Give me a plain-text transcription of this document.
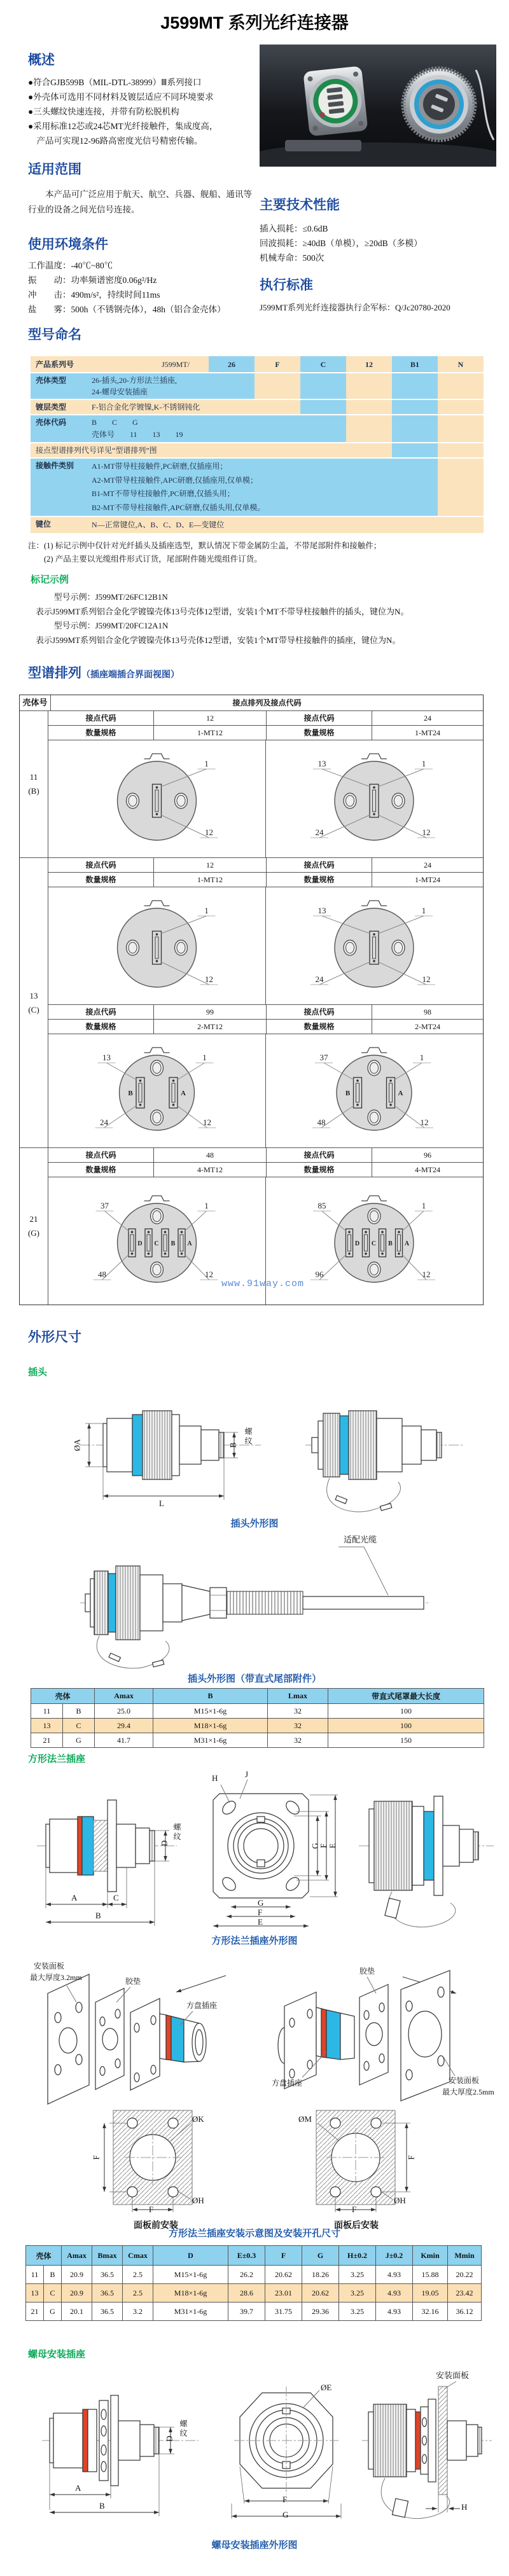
J599MT 系列光纤连接器
概述
●符合GJB599B（MIL-DTL-38999）Ⅲ系列接口
●外壳体可选用不同材料及镀层适应不同环境要求
●三头螺纹快速连接，并带有防松脱机构
●采用标准12芯或24芯MT光纤接触件，集成度高，
　产品可实现12-96路高密度光信号精密传输。
适用范围
　　本产品可广泛应用于航天、航空、兵器、舰船、通讯等行业的设备之间光信号连接。
使用环境条件
工作温度：-40℃~80℃
振　　动：功率频谱密度0.06g²/Hz
冲　　击：490m/s²，持续时间11ms
盐　　雾：500h（不锈钢壳体），48h（铝合金壳体）
主要技术性能
插入损耗：≤0.6dB
回波损耗：≥40dB（单模），≥20dB（多模）
机械寿命：500次
执行标准
J599MT系列光纤连接器执行企军标：Q/Jc20780-2020
型号命名
产品系列号	J599MT/	26	F	C	12	B1	N
壳体类型	26-插头,20-方形法兰插座,
24-螺母安装插座
镀层类型	F-铝合金化学镀镍,K-不锈钢钝化
壳体代码	B　　C　　G
壳体号　　11　　13　　19
接点型谱排列代号详见“型谱排列”图
接触件类别 A1-MT带导柱接触件,PC研磨,仅插座用；
A2-MT带导柱接触件,APC研磨,仅插座用,仅单模；
B1-MT不带导柱接触件,PC研磨,仅插头用；
B2-MT不带导柱接触件,APC研磨,仅插头用,仅单模。
键位	N—正常键位,A、B、C、D、E—变键位
注：(1) 标记示例中仅针对光纤插头及插座选型，默认情况下带金属防尘盖，不带尾部附件和接触件；
　　(2) 产品主要以光缆组件形式订货，尾部附件随光缆组件订货。
标记示例
型号示例：J599MT/26FC12B1N
表示J599MT系列铝合金化学镀镍壳体13号壳体12型谱，安装1个MT不带导柱接触件的插头，键位为N。
型号示例：J599MT/20FC12A1N
表示J599MT系列铝合金化学镀镍壳体13号壳体12型谱，安装1个MT带导柱接触件的插座，键位为N。
型谱排列（插座端插合界面视图）
壳体号	接点排列及接点代码
11
(B)
接点代码	12	接点代码	24
数量规格	1-MT12	数量规格	1-MT24
1
12
1
13
12
24
13
(C)
接点代码	12	接点代码	24
数量规格	1-MT12	数量规格	1-MT24
1
12
1
13
12
24
接点代码	99	接点代码	98
数量规格	2-MT12	数量规格	2-MT24
B	A
1
13
12
24
B	A
1
37
12
48
21
(G)
接点代码	48	接点代码	96
数量规格	4-MT12	数量规格	4-MT24
D C B A
1
37
12
48
D C B A
1
85
12
96
www.91way.com
外形尺寸
插头
ØA	B 螺纹
L
插头外形图
适配光缆
插头外形图（带直式尾部附件）
壳体		Amax	B	Lmax	带直式尾罩最大长度
11	B	25.0	M15×1-6g	32	100
13	C	29.4	M18×1-6g	32	100
21	G	41.7	M31×1-6g	32	150
方形法兰插座
A	C
B
D
螺纹
H	J
G
F E
G
F
E
方形法兰插座外形图
安装面板
最大厚度3.2mm	胶垫
方盘插座
胶垫
方盘插座	安装面板
最大厚度2.5mm
F
F
ØK
ØH
面板前安装
F
F
ØM
ØH
面板后安装
方形法兰插座安装示意图及安装开孔尺寸
壳体		Amax	Bmax	Cmax	D	E±0.3	F	G	H±0.2	J±0.2	Kmin	Mmin
11	B	20.9	36.5	2.5	M15×1-6g	26.2	20.62	18.26	3.25	4.93	15.88	20.22
13	C	20.9	36.5	2.5	M18×1-6g	28.6	23.01	20.62	3.25	4.93	19.05	23.42
21	G	20.1	36.5	3.2	M31×1-6g	39.7	31.75	29.36	3.25	4.93	32.16	36.12
螺母安装插座
A
B
D 螺纹
ØE
F
G
安装面板
H
螺母安装插座外形图
